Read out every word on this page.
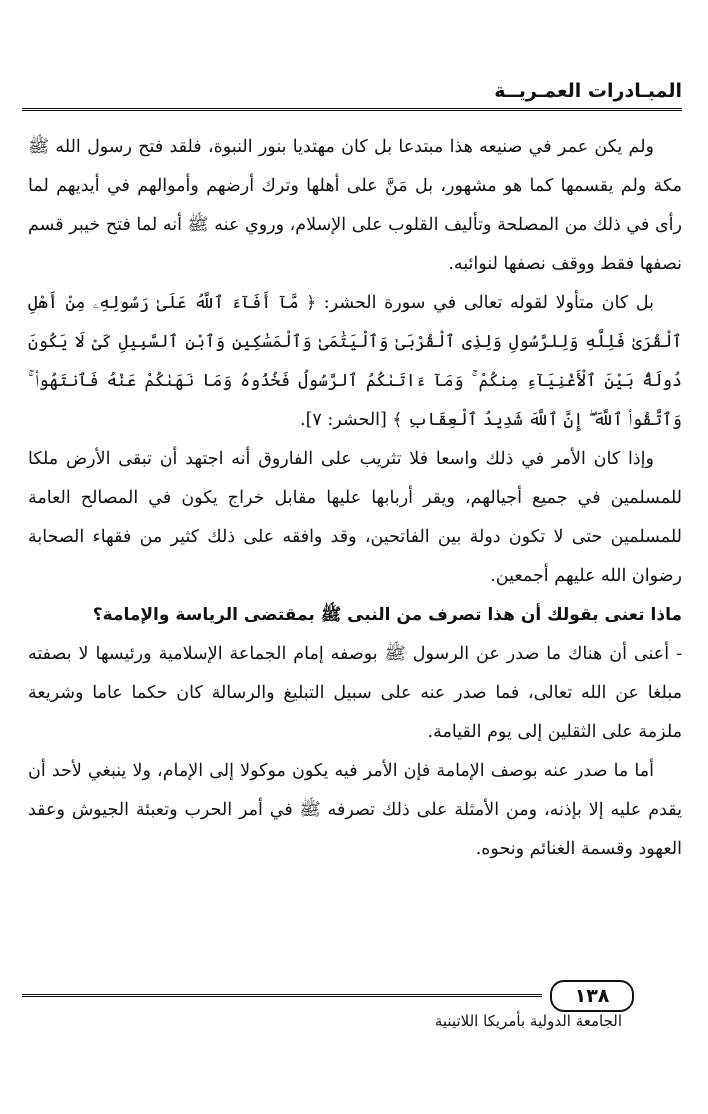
المبـادرات العمـريــة

ولم يكن عمر في صنيعه هذا مبتدعا بل كان مهتديا بنور النبوة، فلقد فتح رسول الله ﷺ مكة ولم يقسمها كما هو مشهور، بل مَنَّ على أهلها وترك أرضهم وأموالهم في أيديهم لما رأى في ذلك من المصلحة وتأليف القلوب على الإسلام، وروي عنه ﷺ أنه لما فتح خيبر قسم نصفها فقط ووقف نصفها لنوائبه.

بل كان متأولا لقوله تعالى في سورة الحشر: ﴿ مَّآ أَفَآءَ ٱللَّهُ عَلَىٰ رَسُولِهِۦ مِنْ أَهْلِ ٱلْقُرَىٰ فَلِلَّهِ وَلِلرَّسُولِ وَلِذِى ٱلْقُرْبَىٰ وَٱلْيَتَٰمَىٰ وَٱلْمَسَٰكِينِ وَٱبْنِ ٱلسَّبِيلِ كَىْ لَا يَكُونَ دُولَةًۢ بَيْنَ ٱلْأَغْنِيَآءِ مِنكُمْ ۚ وَمَآ ءَاتَىٰكُمُ ٱلرَّسُولُ فَخُذُوهُ وَمَا نَهَىٰكُمْ عَنْهُ فَٱنتَهُوا۟ ۚ وَٱتَّقُوا۟ ٱللَّهَ ۖ إِنَّ ٱللَّهَ شَدِيدُ ٱلْعِقَابِ ﴾ [الحشر: ٧].

وإذا كان الأمر في ذلك واسعا فلا تثريب على الفاروق أنه اجتهد أن تبقى الأرض ملكا للمسلمين في جميع أجيالهم، ويقر أربابها عليها مقابل خراج يكون في المصالح العامة للمسلمين حتى لا تكون دولة بين الفاتحين، وقد وافقه على ذلك كثير من فقهاء الصحابة رضوان الله عليهم أجمعين.

ماذا تعنى بقولك أن هذا تصرف من النبى ﷺ بمقتضى الرياسة والإمامة؟

- أعنى أن هناك ما صدر عن الرسول ﷺ بوصفه إمام الجماعة الإسلامية ورئيسها لا بصفته مبلغا عن الله تعالى، فما صدر عنه على سبيل التبليغ والرسالة كان حكما عاما وشريعة ملزمة على الثقلين إلى يوم القيامة.

أما ما صدر عنه بوصف الإمامة فإن الأمر فيه يكون موكولا إلى الإمام، ولا ينبغي لأحد أن يقدم عليه إلا بإذنه، ومن الأمثلة على ذلك تصرفه ﷺ في أمر الحرب وتعبئة الجيوش وعقد العهود وقسمة الغنائم ونحوه.

١٣٨
الجامعة الدولية بأمريكا اللاتينية
